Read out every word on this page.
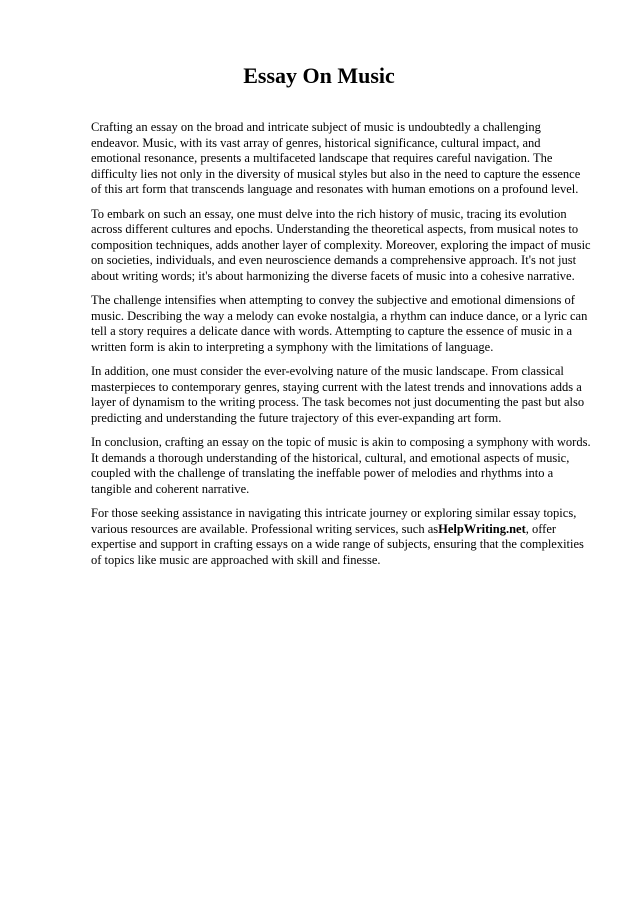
Essay On Music

Crafting an essay on the broad and intricate subject of music is undoubtedly a challenging endeavor. Music, with its vast array of genres, historical significance, cultural impact, and emotional resonance, presents a multifaceted landscape that requires careful navigation. The difficulty lies not only in the diversity of musical styles but also in the need to capture the essence of this art form that transcends language and resonates with human emotions on a profound level.

To embark on such an essay, one must delve into the rich history of music, tracing its evolution across different cultures and epochs. Understanding the theoretical aspects, from musical notes to composition techniques, adds another layer of complexity. Moreover, exploring the impact of music on societies, individuals, and even neuroscience demands a comprehensive approach. It's not just about writing words; it's about harmonizing the diverse facets of music into a cohesive narrative.

The challenge intensifies when attempting to convey the subjective and emotional dimensions of music. Describing the way a melody can evoke nostalgia, a rhythm can induce dance, or a lyric can tell a story requires a delicate dance with words. Attempting to capture the essence of music in a written form is akin to interpreting a symphony with the limitations of language.

In addition, one must consider the ever-evolving nature of the music landscape. From classical masterpieces to contemporary genres, staying current with the latest trends and innovations adds a layer of dynamism to the writing process. The task becomes not just documenting the past but also predicting and understanding the future trajectory of this ever-expanding art form.

In conclusion, crafting an essay on the topic of music is akin to composing a symphony with words. It demands a thorough understanding of the historical, cultural, and emotional aspects of music, coupled with the challenge of translating the ineffable power of melodies and rhythms into a tangible and coherent narrative.

For those seeking assistance in navigating this intricate journey or exploring similar essay topics, various resources are available. Professional writing services, such asHelpWriting.net, offer expertise and support in crafting essays on a wide range of subjects, ensuring that the complexities of topics like music are approached with skill and finesse.
